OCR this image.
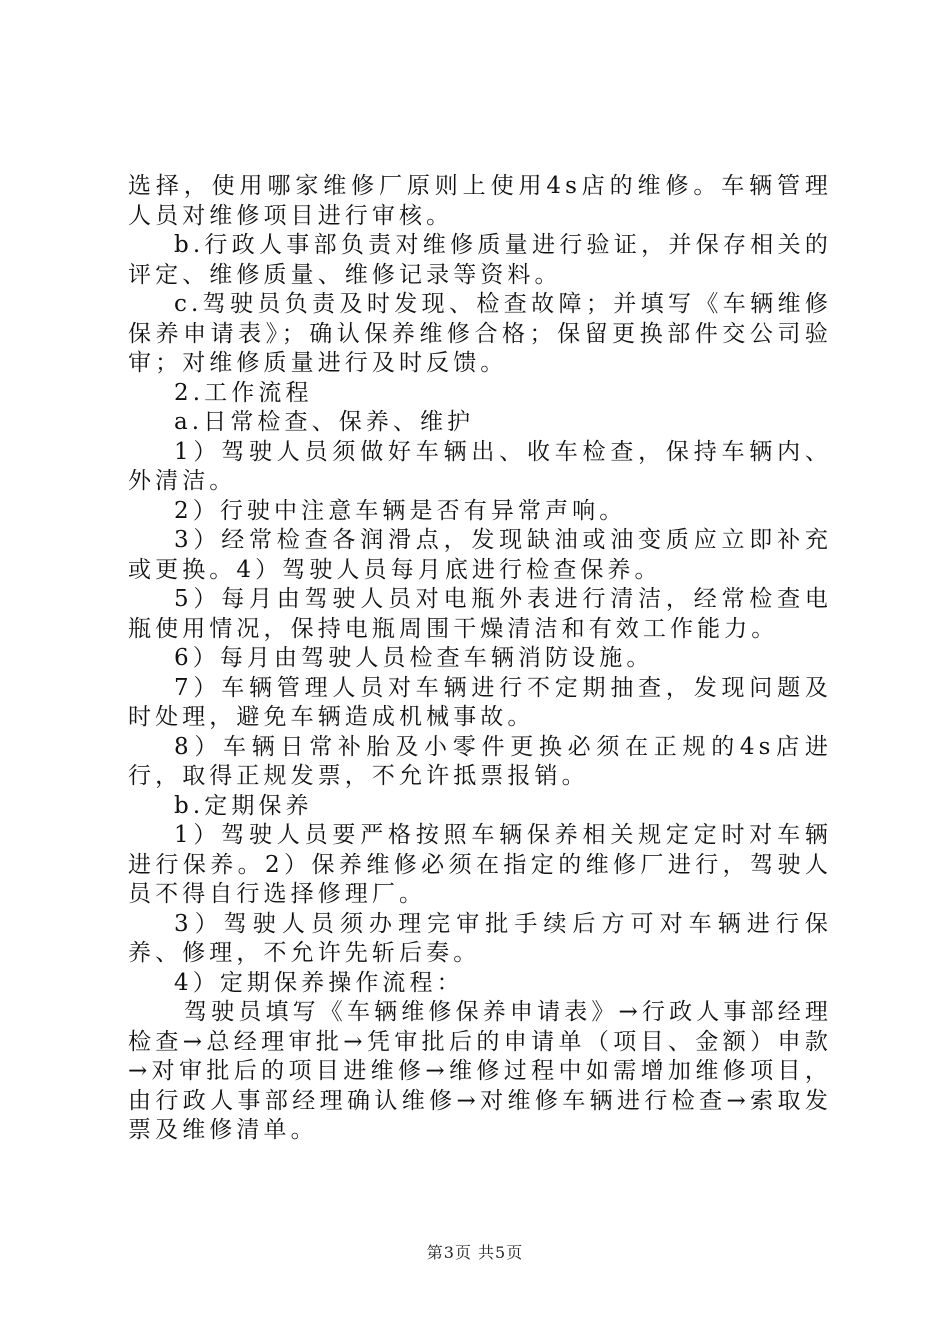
选择，使用哪家维修厂原则上使用4s店的维修。车辆管理人员对维修项目进行审核。

b.行政人事部负责对维修质量进行验证，并保存相关的评定、维修质量、维修记录等资料。

c.驾驶员负责及时发现、检查故障；并填写《车辆维修保养申请表》；确认保养维修合格；保留更换部件交公司验审；对维修质量进行及时反馈。

2.工作流程

a.日常检查、保养、维护

1）驾驶人员须做好车辆出、收车检查，保持车辆内、外清洁。

2）行驶中注意车辆是否有异常声响。

3）经常检查各润滑点，发现缺油或油变质应立即补充或更换。4）驾驶人员每月底进行检查保养。

5）每月由驾驶人员对电瓶外表进行清洁，经常检查电瓶使用情况，保持电瓶周围干燥清洁和有效工作能力。

6）每月由驾驶人员检查车辆消防设施。

7）车辆管理人员对车辆进行不定期抽查，发现问题及时处理，避免车辆造成机械事故。

8）车辆日常补胎及小零件更换必须在正规的4s店进行，取得正规发票，不允许抵票报销。

b.定期保养

1）驾驶人员要严格按照车辆保养相关规定定时对车辆进行保养。2）保养维修必须在指定的维修厂进行，驾驶人员不得自行选择修理厂。

3）驾驶人员须办理完审批手续后方可对车辆进行保养、修理，不允许先斩后奏。

4）定期保养操作流程：

驾驶员填写《车辆维修保养申请表》→行政人事部经理检查→总经理审批→凭审批后的申请单（项目、金额）申款→对审批后的项目进维修→维修过程中如需增加维修项目，由行政人事部经理确认维修→对维修车辆进行检查→索取发票及维修清单。

第3页 共5页
